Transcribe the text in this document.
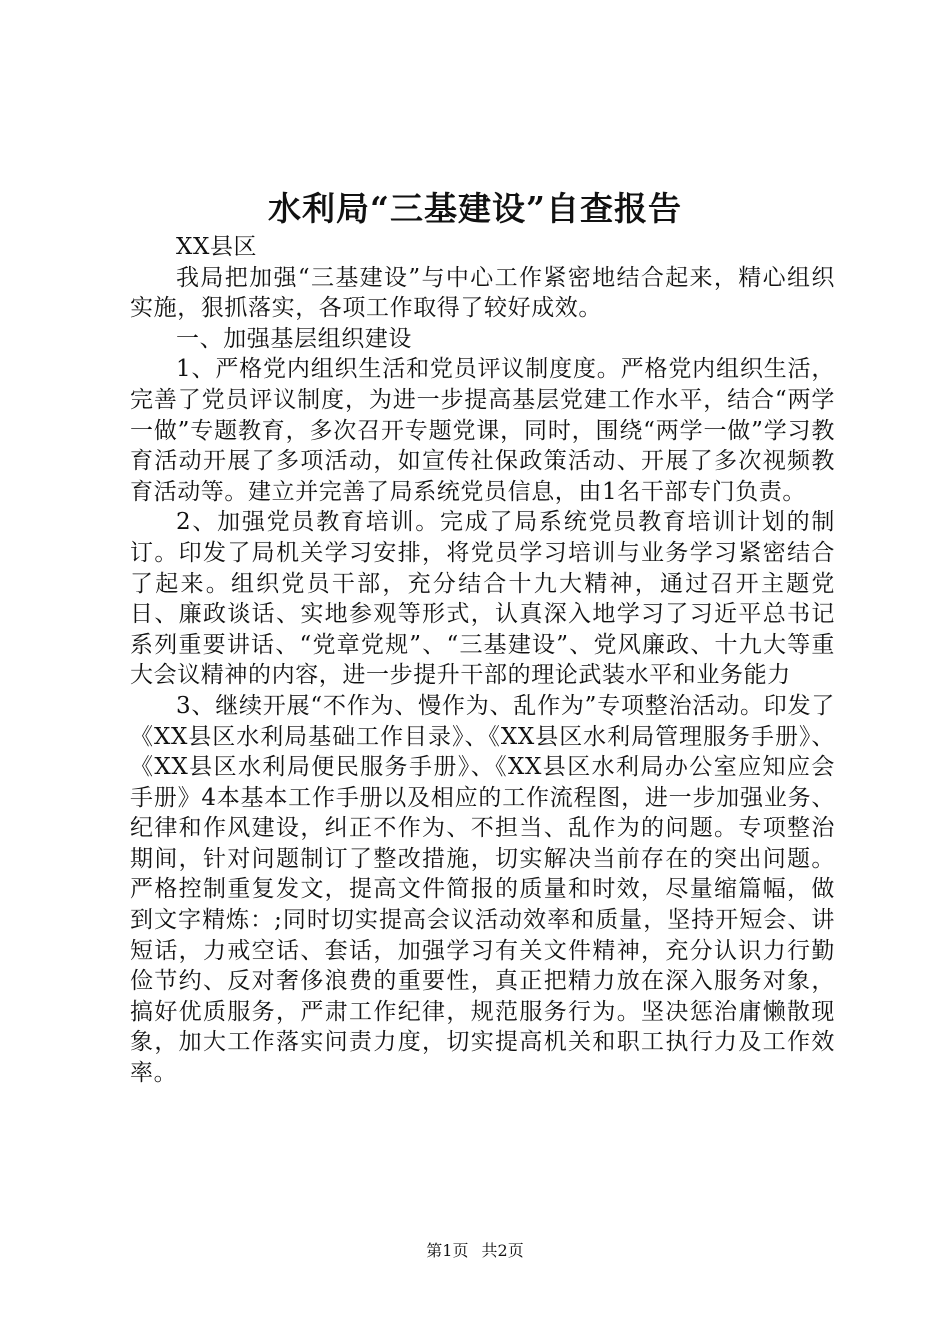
水利局“三基建设”自查报告

XX县区

我局把加强“三基建设”与中心工作紧密地结合起来，精心组织实施，狠抓落实，各项工作取得了较好成效。

一、加强基层组织建设

1、严格党内组织生活和党员评议制度度。严格党内组织生活，完善了党员评议制度，为进一步提高基层党建工作水平，结合“两学一做”专题教育，多次召开专题党课，同时，围绕“两学一做”学习教育活动开展了多项活动，如宣传社保政策活动、开展了多次视频教育活动等。建立并完善了局系统党员信息，由1名干部专门负责。

2、加强党员教育培训。完成了局系统党员教育培训计划的制订。印发了局机关学习安排，将党员学习培训与业务学习紧密结合了起来。组织党员干部，充分结合十九大精神，通过召开主题党日、廉政谈话、实地参观等形式，认真深入地学习了习近平总书记系列重要讲话、“党章党规”、“三基建设”、党风廉政、十九大等重大会议精神的内容，进一步提升干部的理论武装水平和业务能力

3、继续开展“不作为、慢作为、乱作为”专项整治活动。印发了《XX县区水利局基础工作目录》、《XX县区水利局管理服务手册》、《XX县区水利局便民服务手册》、《XX县区水利局办公室应知应会手册》4本基本工作手册以及相应的工作流程图，进一步加强业务、纪律和作风建设，纠正不作为、不担当、乱作为的问题。专项整治期间，针对问题制订了整改措施，切实解决当前存在的突出问题。严格控制重复发文，提高文件简报的质量和时效，尽量缩篇幅，做到文字精炼：;同时切实提高会议活动效率和质量，坚持开短会、讲短话，力戒空话、套话，加强学习有关文件精神，充分认识力行勤俭节约、反对奢侈浪费的重要性，真正把精力放在深入服务对象，搞好优质服务，严肃工作纪律，规范服务行为。坚决惩治庸懒散现象，加大工作落实问责力度，切实提高机关和职工执行力及工作效率。

第1页 共2页
